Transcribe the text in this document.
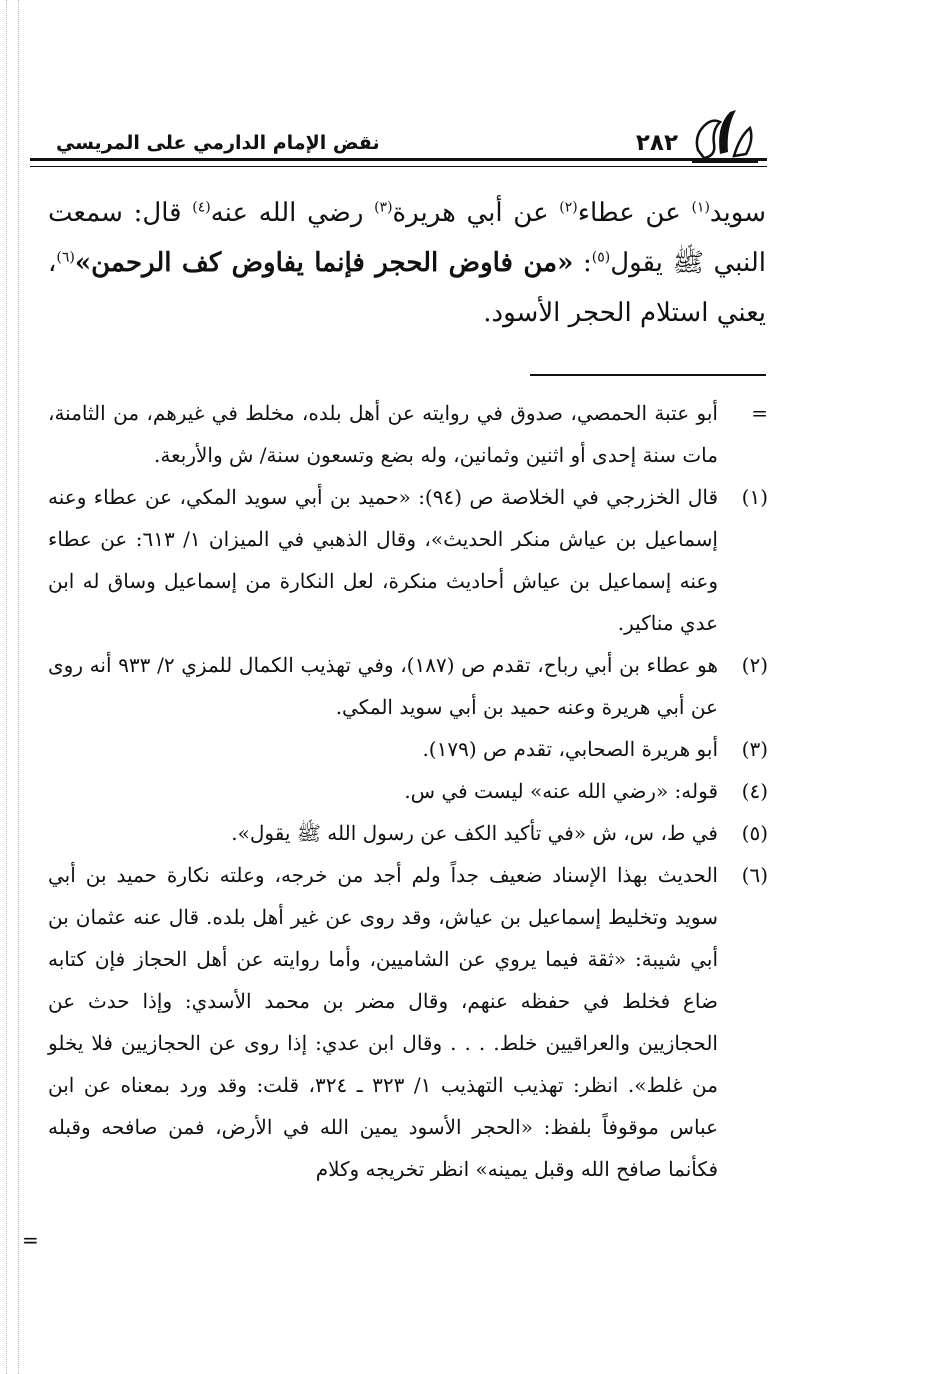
٢٨٢
نقض الإمام الدارمي على المريسي

سويد$^{(١)}$ عن عطاء$^{(٢)}$ عن أبي هريرة$^{(٣)}$ رضي الله عنه$^{(٤)}$ قال: سمعت النبي ﷺ يقول$^{(٥)}$: «من فاوض الحجر فإنما يفاوض كف الرحمن»$^{(٦)}$، يعني استلام الحجر الأسود.

=
أبو عتبة الحمصي، صدوق في روايته عن أهل بلده، مخلط في غيرهم، من الثامنة، مات سنة إحدى أو اثنين وثمانين، وله بضع وتسعون سنة/ ش والأربعة.

(١)
قال الخزرجي في الخلاصة ص (٩٤): «حميد بن أبي سويد المكي، عن عطاء وعنه إسماعيل بن عياش منكر الحديث»، وقال الذهبي في الميزان ١/ ٦١٣: عن عطاء وعنه إسماعيل بن عياش أحاديث منكرة، لعل النكارة من إسماعيل وساق له ابن عدي مناكير.

(٢)
هو عطاء بن أبي رباح، تقدم ص (١٨٧)، وفي تهذيب الكمال للمزي ٢/ ٩٣٣ أنه روى عن أبي هريرة وعنه حميد بن أبي سويد المكي.

(٣)
أبو هريرة الصحابي، تقدم ص (١٧٩).

(٤)
قوله: «رضي الله عنه» ليست في س.

(٥)
في ط، س، ش «في تأكيد الكف عن رسول الله ﷺ يقول».

(٦)
الحديث بهذا الإسناد ضعيف جداً ولم أجد من خرجه، وعلته نكارة حميد بن أبي سويد وتخليط إسماعيل بن عياش، وقد روى عن غير أهل بلده. قال عنه عثمان بن أبي شيبة: «ثقة فيما يروي عن الشاميين، وأما روايته عن أهل الحجاز فإن كتابه ضاع فخلط في حفظه عنهم، وقال مضر بن محمد الأسدي: وإذا حدث عن الحجازيين والعراقيين خلط. . . . وقال ابن عدي: إذا روى عن الحجازيين فلا يخلو من غلط». انظر: تهذيب التهذيب ١/ ٣٢٣ ـ ٣٢٤، قلت: وقد ورد بمعناه عن ابن عباس موقوفاً بلفظ: «الحجر الأسود يمين الله في الأرض، فمن صافحه وقبله فكأنما صافح الله وقبل يمينه» انظر تخريجه وكلام

=
